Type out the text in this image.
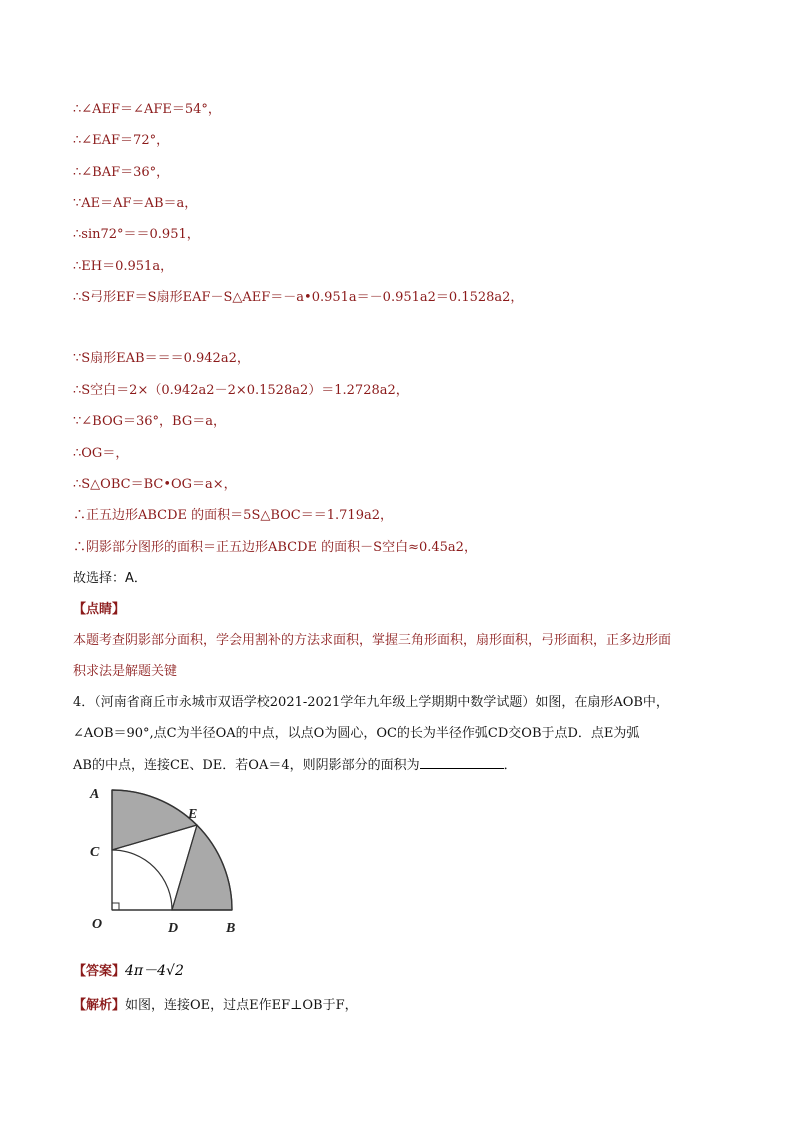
∴∠AEF＝∠AFE＝54°，
∴∠EAF＝72°，
∴∠BAF＝36°，
∵AE＝AF＝AB＝a，
∴sin72°＝＝0.951，
∴EH＝0.951a，
∴S弓形EF＝S扇形EAF－S△AEF＝－a•0.951a＝－0.951a2＝0.1528a2，
∵S扇形EAB＝＝＝0.942a2，
∴S空白＝2×（0.942a2－2×0.1528a2）＝1.2728a2，
∵∠BOG＝36°，BG＝a，
∴OG＝，
∴S△OBC＝BC•OG＝a×，
∴正五边形ABCDE 的面积＝5S△BOC＝＝1.719a2，
∴阴影部分图形的面积＝正五边形ABCDE 的面积－S空白≈0.45a2，
故选择：A．
【点睛】
本题考查阴影部分面积，学会用割补的方法求面积，掌握三角形面积，扇形面积，弓形面积，正多边形面
积求法是解题关键
4．（河南省商丘市永城市双语学校2021-2021学年九年级上学期期中数学试题）如图，在扇形AOB中，
∠AOB＝90°,点C为半径OA的中点，以点O为圆心，OC的长为半径作弧CD交OB于点D．点E为弧
AB的中点，连接CE、DE．若OA＝4，则阴影部分的面积为	．
A
C
E
O	D	B
【答案】4π－4√2
【解析】如图，连接OE，过点E作EF⊥OB于F，
